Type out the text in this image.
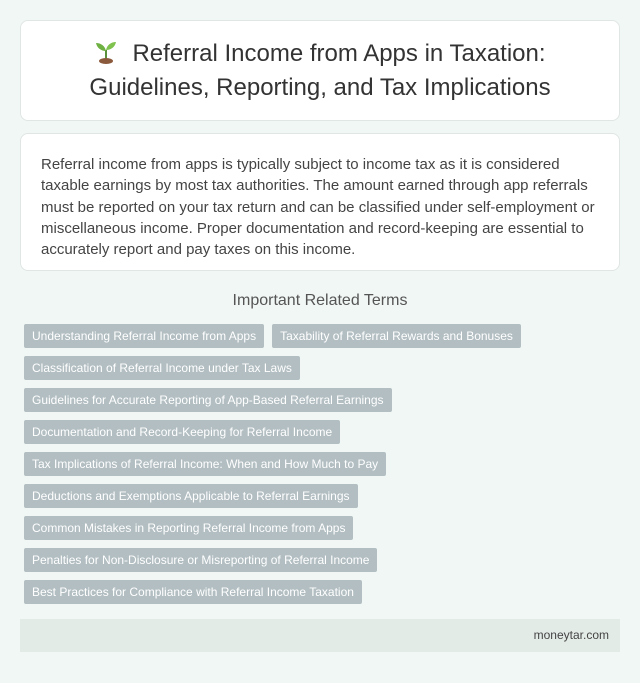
Referral Income from Apps in Taxation: Guidelines, Reporting, and Tax Implications

Referral income from apps is typically subject to income tax as it is considered taxable earnings by most tax authorities. The amount earned through app referrals must be reported on your tax return and can be classified under self-employment or miscellaneous income. Proper documentation and record-keeping are essential to accurately report and pay taxes on this income.

Important Related Terms
Understanding Referral Income from Apps	Taxability of Referral Rewards and Bonuses
Classification of Referral Income under Tax Laws
Guidelines for Accurate Reporting of App-Based Referral Earnings
Documentation and Record-Keeping for Referral Income
Tax Implications of Referral Income: When and How Much to Pay
Deductions and Exemptions Applicable to Referral Earnings
Common Mistakes in Reporting Referral Income from Apps
Penalties for Non-Disclosure or Misreporting of Referral Income
Best Practices for Compliance with Referral Income Taxation
moneytar.com
